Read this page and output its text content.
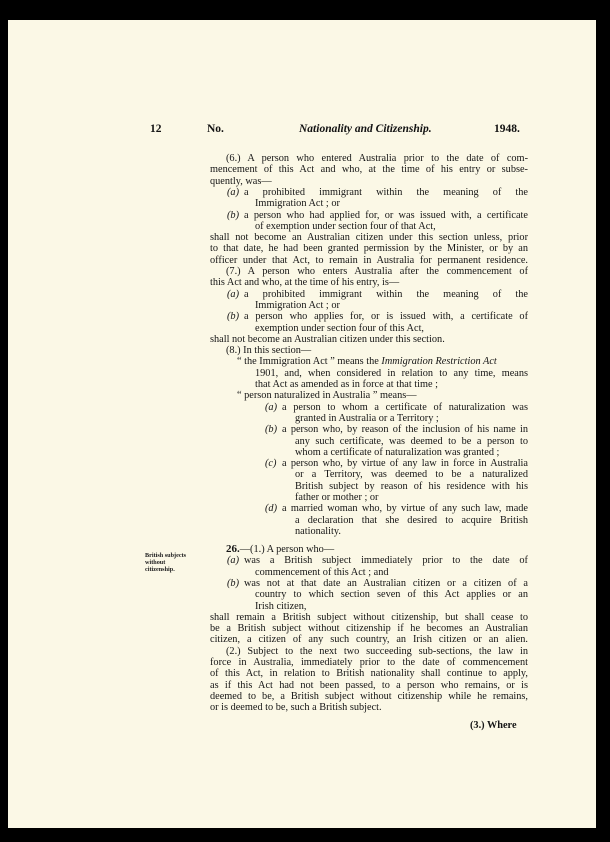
12	No.	Nationality and Citizenship.	1948.
British subjects
without
citizenship.
(6.) A person who entered Australia prior to the date of com-
mencement of this Act and who, at the time of his entry or subse-
quently, was—
(a) a prohibited immigrant within the meaning of the
Immigration Act ; or
(b) a person who had applied for, or was issued with, a certificate
of exemption under section four of that Act,
shall not become an Australian citizen under this section unless, prior
to that date, he had been granted permission by the Minister, or by an
officer under that Act, to remain in Australia for permanent residence.
(7.) A person who enters Australia after the commencement of
this Act and who, at the time of his entry, is—
(a) a prohibited immigrant within the meaning of the
Immigration Act ; or
(b) a person who applies for, or is issued with, a certificate of
exemption under section four of this Act,
shall not become an Australian citizen under this section.
(8.) In this section—
“ the Immigration Act ” means the Immigration Restriction Act
1901, and, when considered in relation to any time, means
that Act as amended as in force at that time ;
“ person naturalized in Australia ” means—
(a) a person to whom a certificate of naturalization was
granted in Australia or a Territory ;
(b) a person who, by reason of the inclusion of his name in
any such certificate, was deemed to be a person to
whom a certificate of naturalization was granted ;
(c) a person who, by virtue of any law in force in Australia
or a Territory, was deemed to be a naturalized
British subject by reason of his residence with his
father or mother ; or
(d) a married woman who, by virtue of any such law, made
a declaration that she desired to acquire British
nationality.
26.—(1.) A person who—
(a) was a British subject immediately prior to the date of
commencement of this Act ; and
(b) was not at that date an Australian citizen or a citizen of a
country to which section seven of this Act applies or an
Irish citizen,
shall remain a British subject without citizenship, but shall cease to
be a British subject without citizenship if he becomes an Australian
citizen, a citizen of any such country, an Irish citizen or an alien.
(2.) Subject to the next two succeeding sub-sections, the law in
force in Australia, immediately prior to the date of commencement
of this Act, in relation to British nationality shall continue to apply,
as if this Act had not been passed, to a person who remains, or is
deemed to be, a British subject without citizenship while he remains,
or is deemed to be, such a British subject.
(3.) Where
